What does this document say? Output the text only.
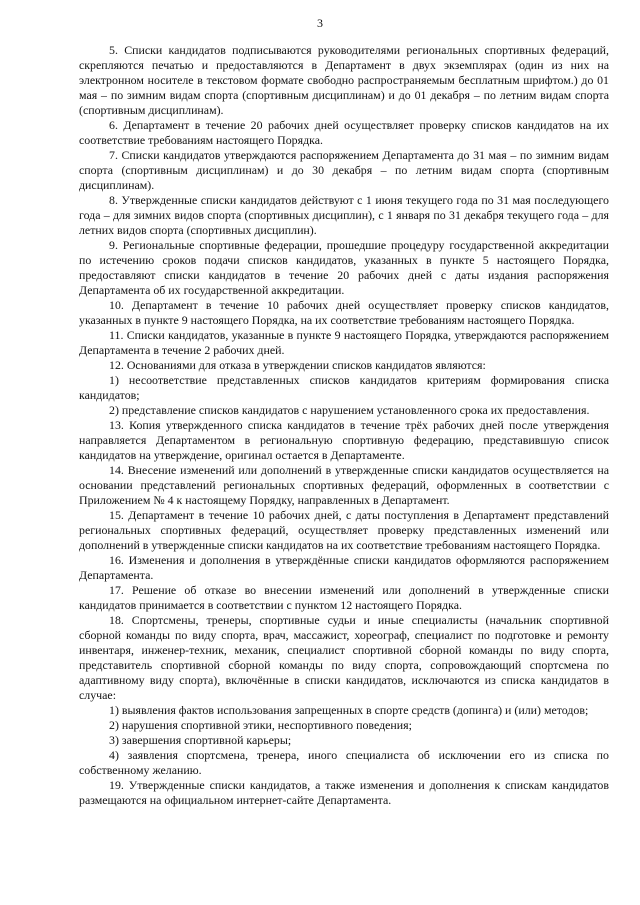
3

5. Списки кандидатов подписываются руководителями региональных спортивных федераций, скрепляются печатью и предоставляются в Департамент в двух экземплярах (один из них на электронном носителе в текстовом формате свободно распространяемым бесплатным шрифтом.) до 01 мая – по зимним видам спорта (спортивным дисциплинам) и до 01 декабря – по летним видам спорта (спортивным дисциплинам).

6. Департамент в течение 20 рабочих дней осуществляет проверку списков кандидатов на их соответствие требованиям настоящего Порядка.

7. Списки кандидатов утверждаются распоряжением Департамента до 31 мая – по зимним видам спорта (спортивным дисциплинам) и до 30 декабря – по летним видам спорта (спортивным дисциплинам).

8. Утвержденные списки кандидатов действуют с 1 июня текущего года по 31 мая последующего года – для зимних видов спорта (спортивных дисциплин), с 1 января по 31 декабря текущего года – для летних видов спорта (спортивных дисциплин).

9. Региональные спортивные федерации, прошедшие процедуру государственной аккредитации по истечению сроков подачи списков кандидатов, указанных в пункте 5 настоящего Порядка, предоставляют списки кандидатов в течение 20 рабочих дней с даты издания распоряжения Департамента об их государственной аккредитации.

10. Департамент в течение 10 рабочих дней осуществляет проверку списков кандидатов, указанных в пункте 9 настоящего Порядка, на их соответствие требованиям настоящего Порядка.

11. Списки кандидатов, указанные в пункте 9 настоящего Порядка, утверждаются распоряжением Департамента в течение 2 рабочих дней.

12. Основаниями для отказа в утверждении списков кандидатов являются:

1) несоответствие представленных списков кандидатов критериям формирования списка кандидатов;

2) представление списков кандидатов с нарушением установленного срока их предоставления.

13. Копия утвержденного списка кандидатов в течение трёх рабочих дней после утверждения направляется Департаментом в региональную спортивную федерацию, представившую список кандидатов на утверждение, оригинал остается в Департаменте.

14. Внесение изменений или дополнений в утвержденные списки кандидатов осуществляется на основании представлений региональных спортивных федераций, оформленных в соответствии с Приложением № 4 к настоящему Порядку, направленных в Департамент.

15. Департамент в течение 10 рабочих дней, с даты поступления в Департамент представлений региональных спортивных федераций, осуществляет проверку представленных изменений или дополнений в утвержденные списки кандидатов на их соответствие требованиям настоящего Порядка.

16. Изменения и дополнения в утверждённые списки кандидатов оформляются распоряжением Департамента.

17. Решение об отказе во внесении изменений или дополнений в утвержденные списки кандидатов принимается в соответствии с пунктом 12 настоящего Порядка.

18. Спортсмены, тренеры, спортивные судьи и иные специалисты (начальник спортивной сборной команды по виду спорта, врач, массажист, хореограф, специалист по подготовке и ремонту инвентаря, инженер-техник, механик, специалист спортивной сборной команды по виду спорта, представитель спортивной сборной команды по виду спорта, сопровождающий спортсмена по адаптивному виду спорта), включённые в списки кандидатов, исключаются из списка кандидатов в случае:

1) выявления фактов использования запрещенных в спорте средств (допинга) и (или) методов;

2) нарушения спортивной этики, неспортивного поведения;

3) завершения спортивной карьеры;

4) заявления спортсмена, тренера, иного специалиста об исключении его из списка по собственному желанию.

19. Утвержденные списки кандидатов, а также изменения и дополнения к спискам кандидатов размещаются на официальном интернет-сайте Департамента.
